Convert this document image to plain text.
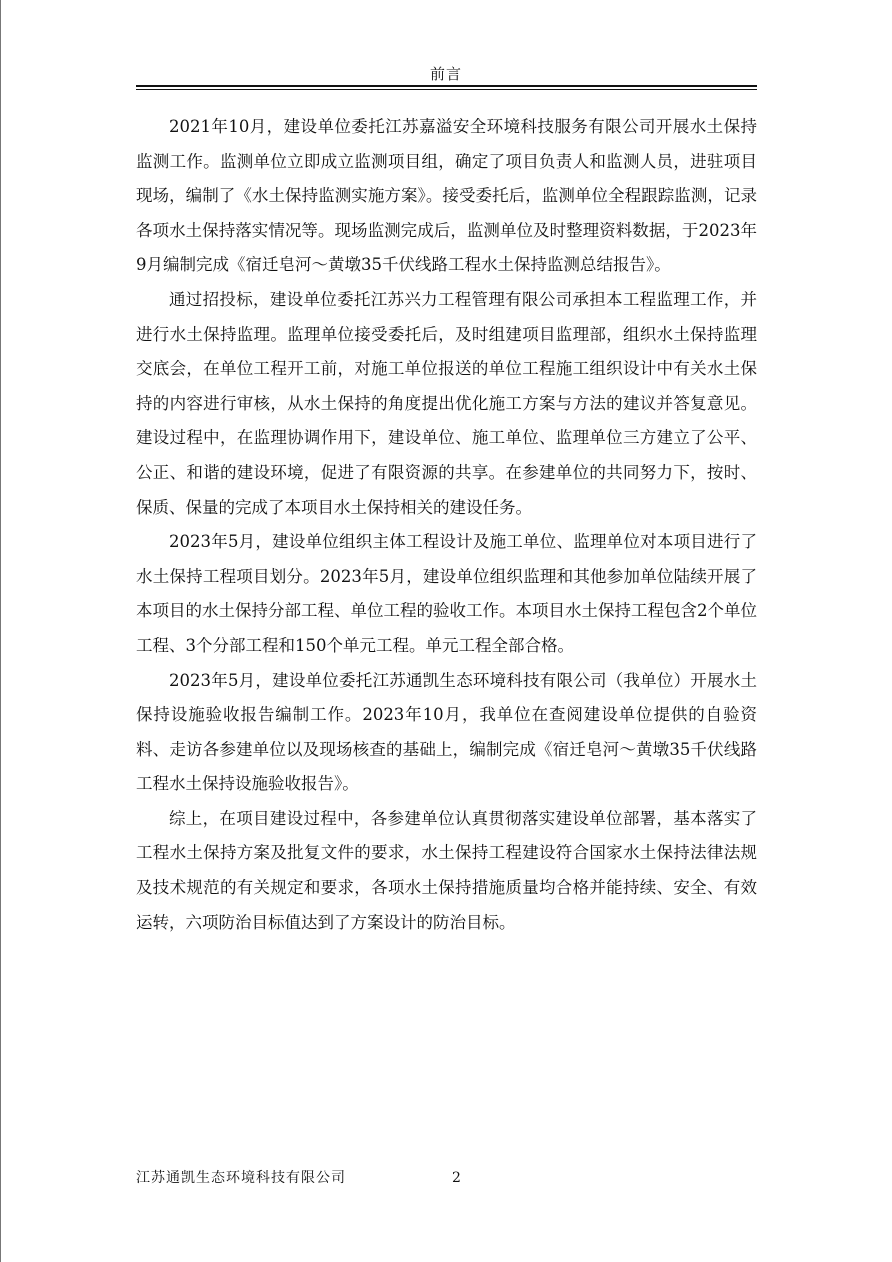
前言

2021年10月，建设单位委托江苏嘉溢安全环境科技服务有限公司开展水土保持监测工作。监测单位立即成立监测项目组，确定了项目负责人和监测人员，进驻项目现场，编制了《水土保持监测实施方案》。接受委托后，监测单位全程跟踪监测，记录各项水土保持落实情况等。现场监测完成后，监测单位及时整理资料数据，于2023年9月编制完成《宿迁皂河～黄墩35千伏线路工程水土保持监测总结报告》。

通过招投标，建设单位委托江苏兴力工程管理有限公司承担本工程监理工作，并进行水土保持监理。监理单位接受委托后，及时组建项目监理部，组织水土保持监理交底会，在单位工程开工前，对施工单位报送的单位工程施工组织设计中有关水土保持的内容进行审核，从水土保持的角度提出优化施工方案与方法的建议并答复意见。建设过程中，在监理协调作用下，建设单位、施工单位、监理单位三方建立了公平、公正、和谐的建设环境，促进了有限资源的共享。在参建单位的共同努力下，按时、保质、保量的完成了本项目水土保持相关的建设任务。

2023年5月，建设单位组织主体工程设计及施工单位、监理单位对本项目进行了水土保持工程项目划分。2023年5月，建设单位组织监理和其他参加单位陆续开展了本项目的水土保持分部工程、单位工程的验收工作。本项目水土保持工程包含2个单位工程、3个分部工程和150个单元工程。单元工程全部合格。

2023年5月，建设单位委托江苏通凯生态环境科技有限公司（我单位）开展水土保持设施验收报告编制工作。2023年10月，我单位在查阅建设单位提供的自验资料、走访各参建单位以及现场核查的基础上，编制完成《宿迁皂河～黄墩35千伏线路工程水土保持设施验收报告》。

综上，在项目建设过程中，各参建单位认真贯彻落实建设单位部署，基本落实了工程水土保持方案及批复文件的要求，水土保持工程建设符合国家水土保持法律法规及技术规范的有关规定和要求，各项水土保持措施质量均合格并能持续、安全、有效运转，六项防治目标值达到了方案设计的防治目标。

江苏通凯生态环境科技有限公司	2
